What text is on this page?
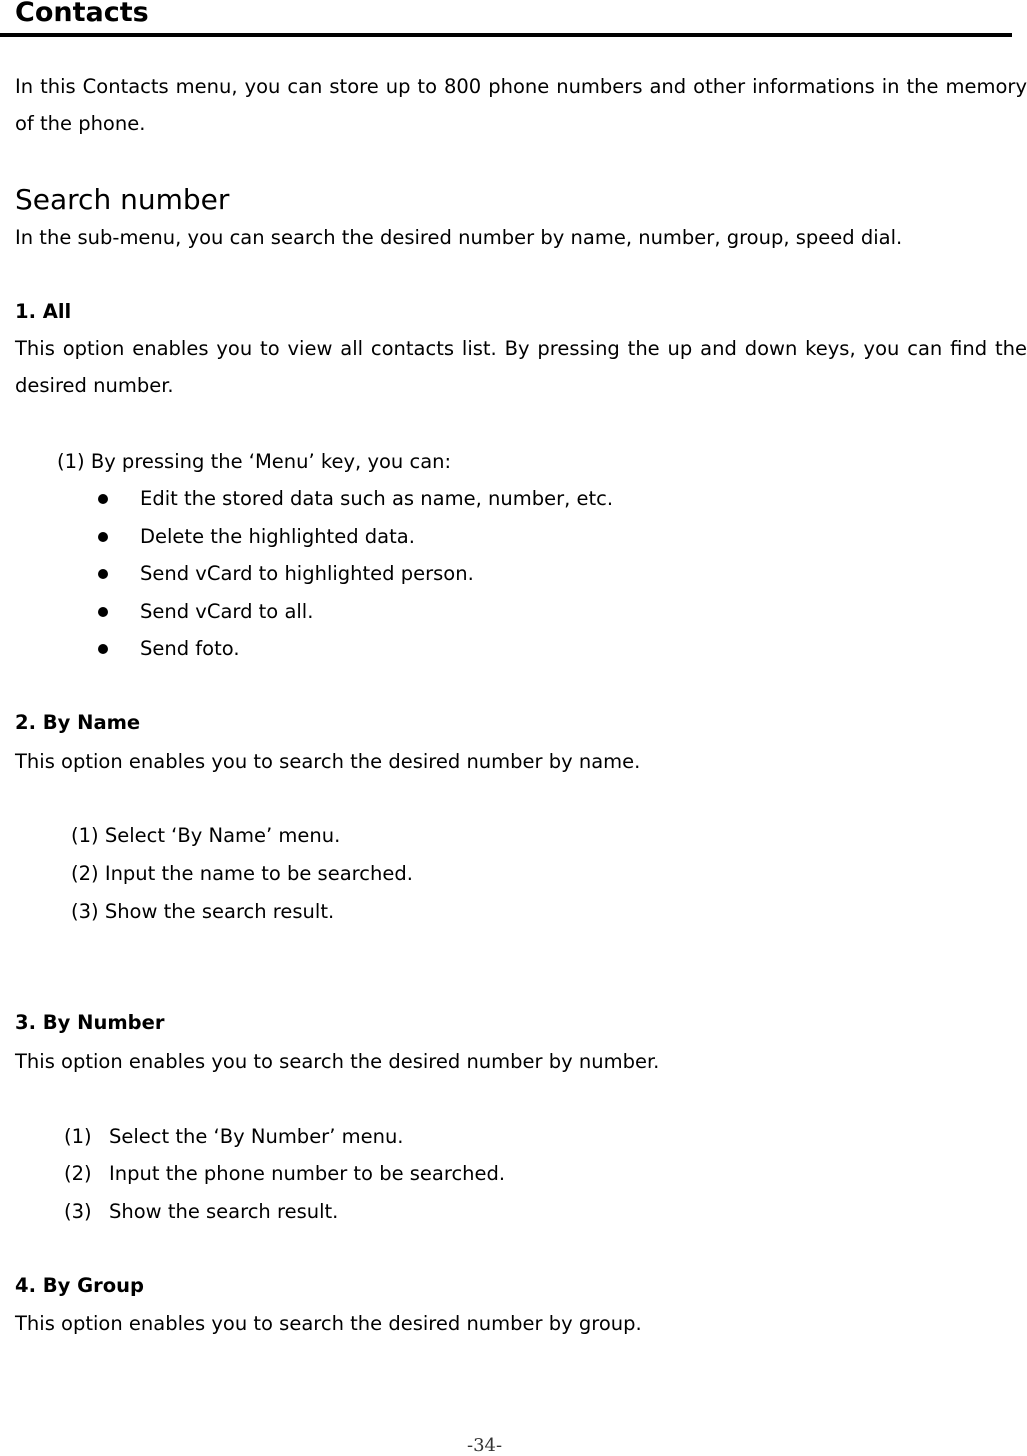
Contacts

In this Contacts menu, you can store up to 800 phone numbers and other informations in the memory of the phone.

Search number
In the sub-menu, you can search the desired number by name, number, group, speed dial.
1. All

This option enables you to view all contacts list. By pressing the up and down keys, you can find the desired number.

(1) By pressing the ‘Menu’ key, you can:
Edit the stored data such as name, number, etc.
Delete the highlighted data.
Send vCard to highlighted person.
Send vCard to all.
Send foto.
2. By Name
This option enables you to search the desired number by name.
(1) Select ‘By Name’ menu.
(2) Input the name to be searched.
(3) Show the search result.
3. By Number
This option enables you to search the desired number by number.
(1) Select the ‘By Number’ menu.
(2) Input the phone number to be searched.
(3) Show the search result.
4. By Group
This option enables you to search the desired number by group.
-34-
